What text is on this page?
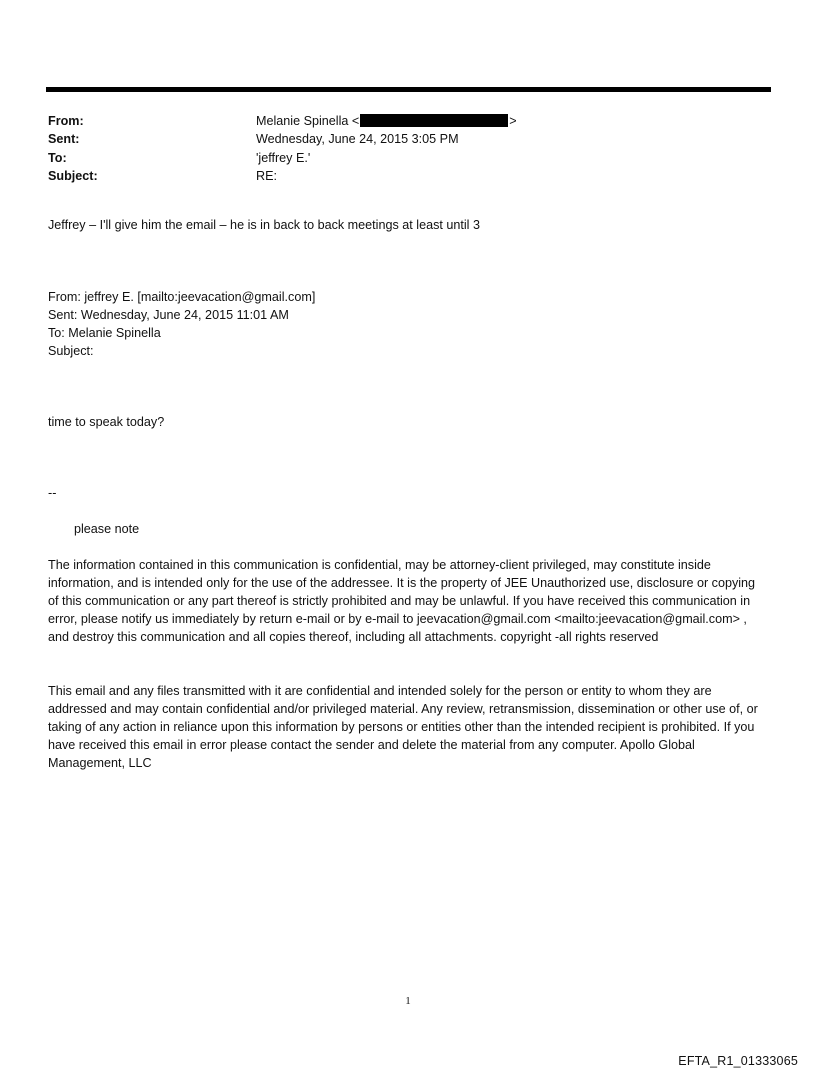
From:	Melanie Spinella <	>
Sent:	Wednesday, June 24, 2015 3:05 PM
To:	'jeffrey E.'
Subject:	RE:

Jeffrey – I'll give him the email – he is in back to back meetings at least until 3

From: jeffrey E. [mailto:jeevacation@gmail.com]

Sent: Wednesday, June 24, 2015 11:01 AM

To: Melanie Spinella

Subject:

time to speak today?

--

please note

The information contained in this communication is confidential, may be attorney-client privileged, may constitute inside information, and is intended only for the use of the addressee. It is the property of JEE Unauthorized use, disclosure or copying of this communication or any part thereof is strictly prohibited and may be unlawful. If you have received this communication in error, please notify us immediately by return e-mail or by e-mail to jeevacation@gmail.com <mailto:jeevacation@gmail.com> , and destroy this communication and all copies thereof, including all attachments. copyright -all rights reserved

This email and any files transmitted with it are confidential and intended solely for the person or entity to whom they are addressed and may contain confidential and/or privileged material. Any review, retransmission, dissemination or other use of, or taking of any action in reliance upon this information by persons or entities other than the intended recipient is prohibited. If you have received this email in error please contact the sender and delete the material from any computer. Apollo Global Management, LLC

1
EFTA_R1_01333065
